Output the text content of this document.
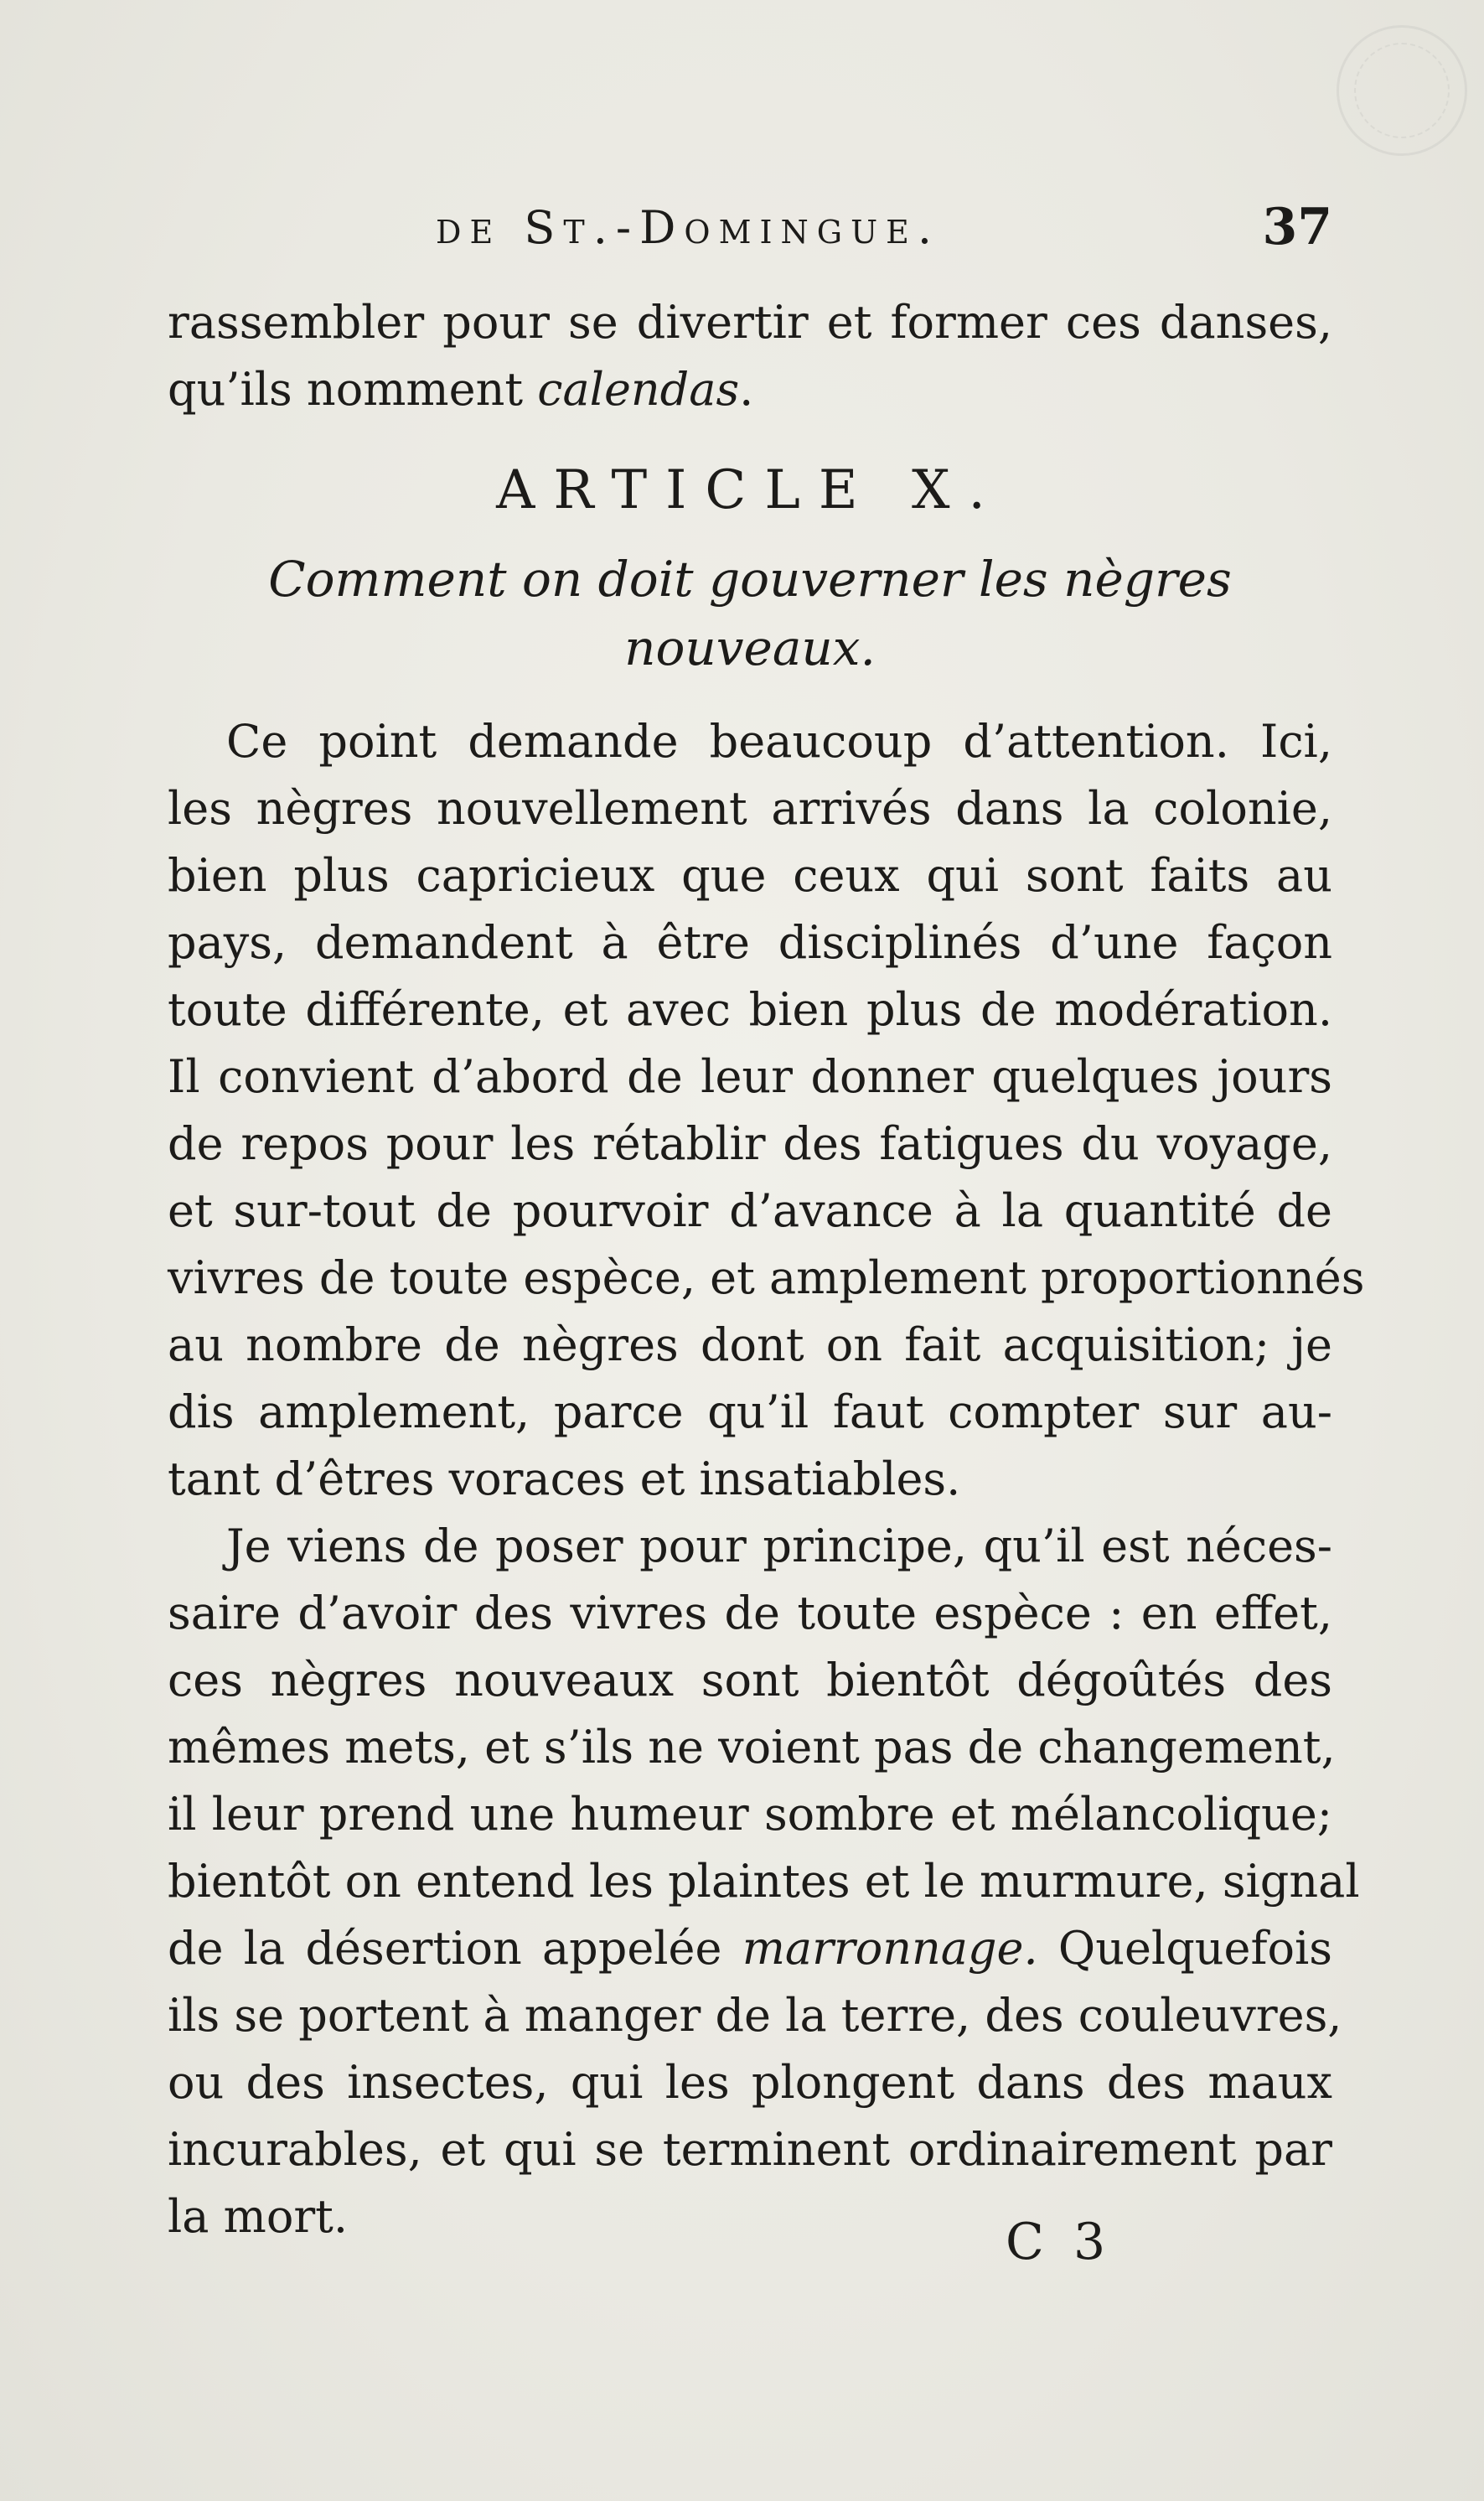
de St.-Domingue.	37
rassembler pour se divertir et former ces danses,
qu’ils nomment calendas.
ARTICLE X.
Comment on doit gouverner les nègres
nouveaux.
Ce point demande beaucoup d’attention. Ici,
les nègres nouvellement arrivés dans la colonie,
bien plus capricieux que ceux qui sont faits au
pays, demandent à être disciplinés d’une façon
toute différente, et avec bien plus de modération.
Il convient d’abord de leur donner quelques jours
de repos pour les rétablir des fatigues du voyage,
et sur-tout de pourvoir d’avance à la quantité de
vivres de toute espèce, et amplement proportionnés
au nombre de nègres dont on fait acquisition; je
dis amplement, parce qu’il faut compter sur au-
tant d’êtres voraces et insatiables.
Je viens de poser pour principe, qu’il est néces-
saire d’avoir des vivres de toute espèce : en effet,
ces nègres nouveaux sont bientôt dégoûtés des
mêmes mets, et s’ils ne voient pas de changement,
il leur prend une humeur sombre et mélancolique;
bientôt on entend les plaintes et le murmure, signal
de la désertion appelée marronnage. Quelquefois
ils se portent à manger de la terre, des couleuvres,
ou des insectes, qui les plongent dans des maux
incurables, et qui se terminent ordinairement par
la mort.	C 3
